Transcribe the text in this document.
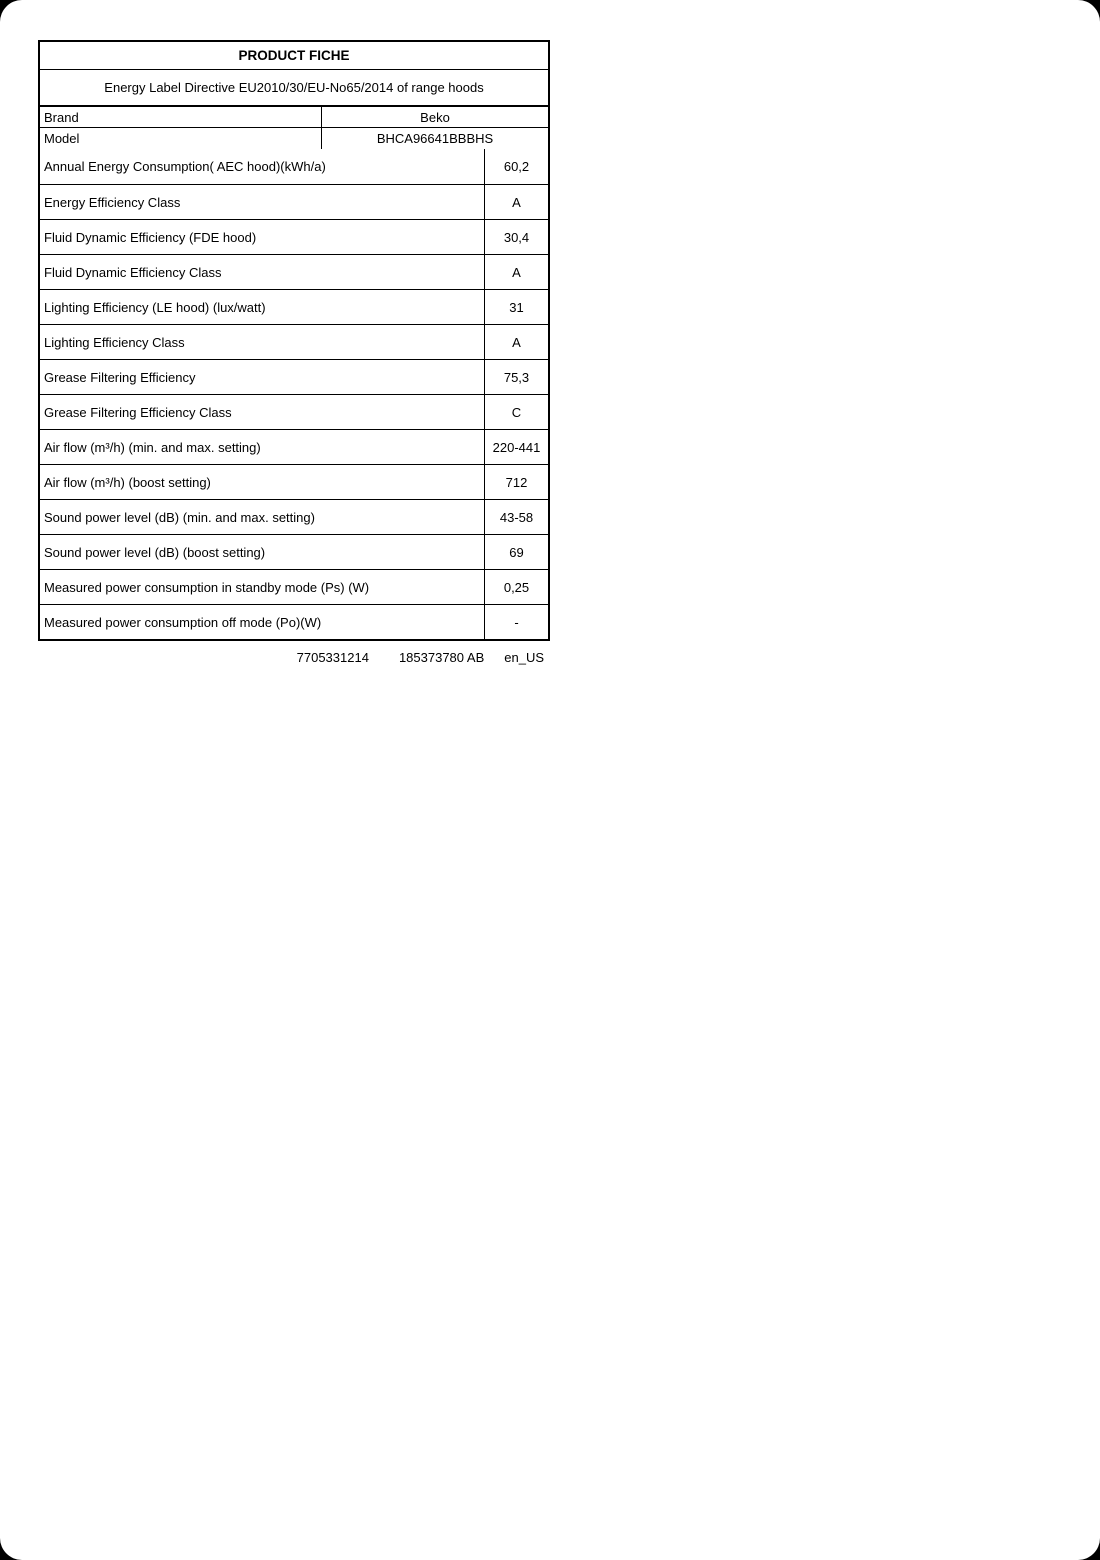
PRODUCT FICHE
Energy Label Directive EU2010/30/EU-No65/2014 of range hoods
Brand	Beko
Model	BHCA96641BBBHS
Annual Energy Consumption( AEC hood)(kWh/a)	60,2
Energy Efficiency Class	A
Fluid Dynamic Efficiency (FDE hood)	30,4
Fluid Dynamic Efficiency Class	A
Lighting Efficiency (LE hood) (lux/watt)	31
Lighting Efficiency Class	A
Grease Filtering Efficiency	75,3
Grease Filtering Efficiency Class	C
Air flow (m³/h) (min. and max. setting)	220-441
Air flow (m³/h) (boost setting)	712
Sound power level (dB) (min. and max. setting)	43-58
Sound power level (dB) (boost setting)	69
Measured power consumption in standby mode (Ps) (W)	0,25
Measured power consumption off mode (Po)(W)	-
7705331214 185373780 AB en_US
